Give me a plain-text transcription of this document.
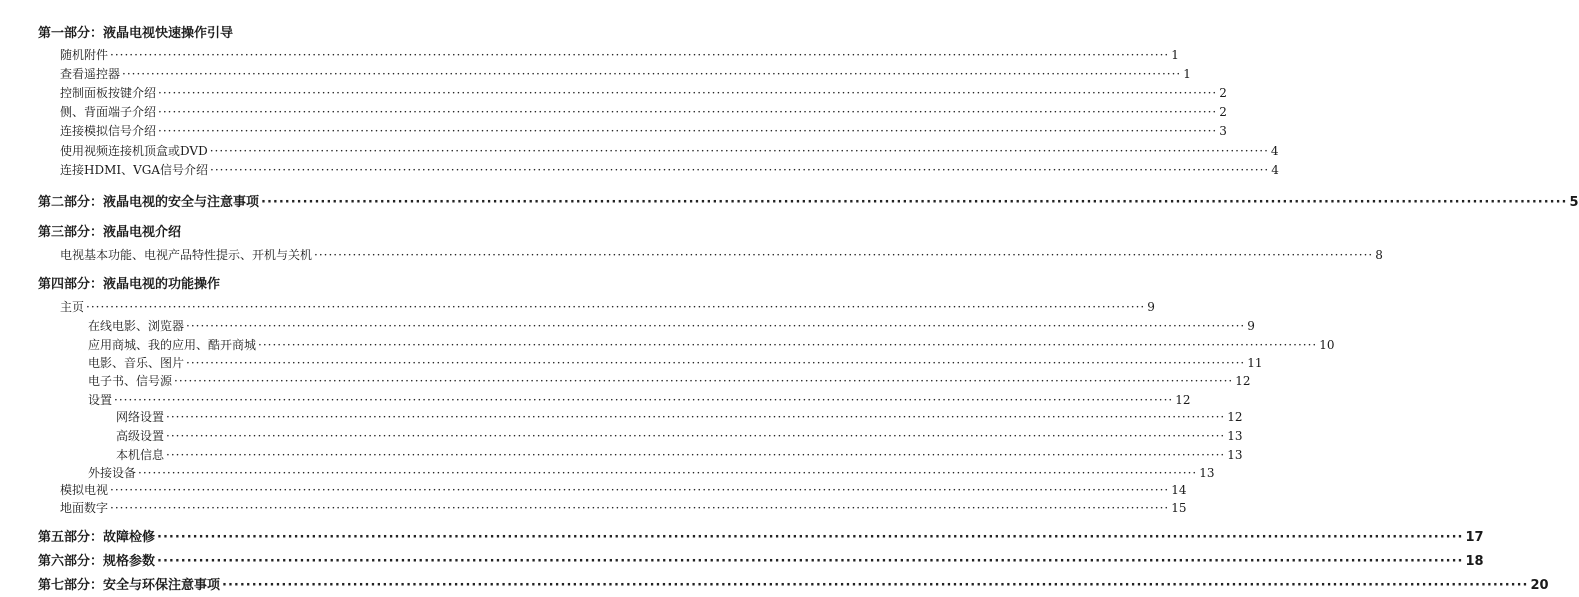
第一部分：液晶电视快速操作引导
随机附件 ···························································································································································································································· 1
查看遥控器 ···························································································································································································································· 1
控制面板按键介绍 ···························································································································································································································· 2
侧、背面端子介绍 ···························································································································································································································· 2
连接模拟信号介绍 ···························································································································································································································· 3
使用视频连接机顶盒或DVD ···························································································································································································································· 4
连接HDMI、VGA信号介绍 ···························································································································································································································· 4
第二部分：液晶电视的安全与注意事项 ···························································································································································································································· 5
第三部分：液晶电视介绍
电视基本功能、电视产品特性提示、开机与关机 ···························································································································································································································· 8
第四部分：液晶电视的功能操作
主页 ···························································································································································································································· 9
在线电影、浏览器 ···························································································································································································································· 9
应用商城、我的应用、酷开商城 ···························································································································································································································· 10
电影、音乐、图片 ···························································································································································································································· 11
电子书、信号源 ···························································································································································································································· 12
设置 ···························································································································································································································· 12
网络设置 ···························································································································································································································· 12
高级设置 ···························································································································································································································· 13
本机信息 ···························································································································································································································· 13
外接设备 ···························································································································································································································· 13
模拟电视 ···························································································································································································································· 14
地面数字 ···························································································································································································································· 15
第五部分：故障检修 ···························································································································································································································· 17
第六部分：规格参数 ···························································································································································································································· 18
第七部分：安全与环保注意事项 ···························································································································································································································· 20
